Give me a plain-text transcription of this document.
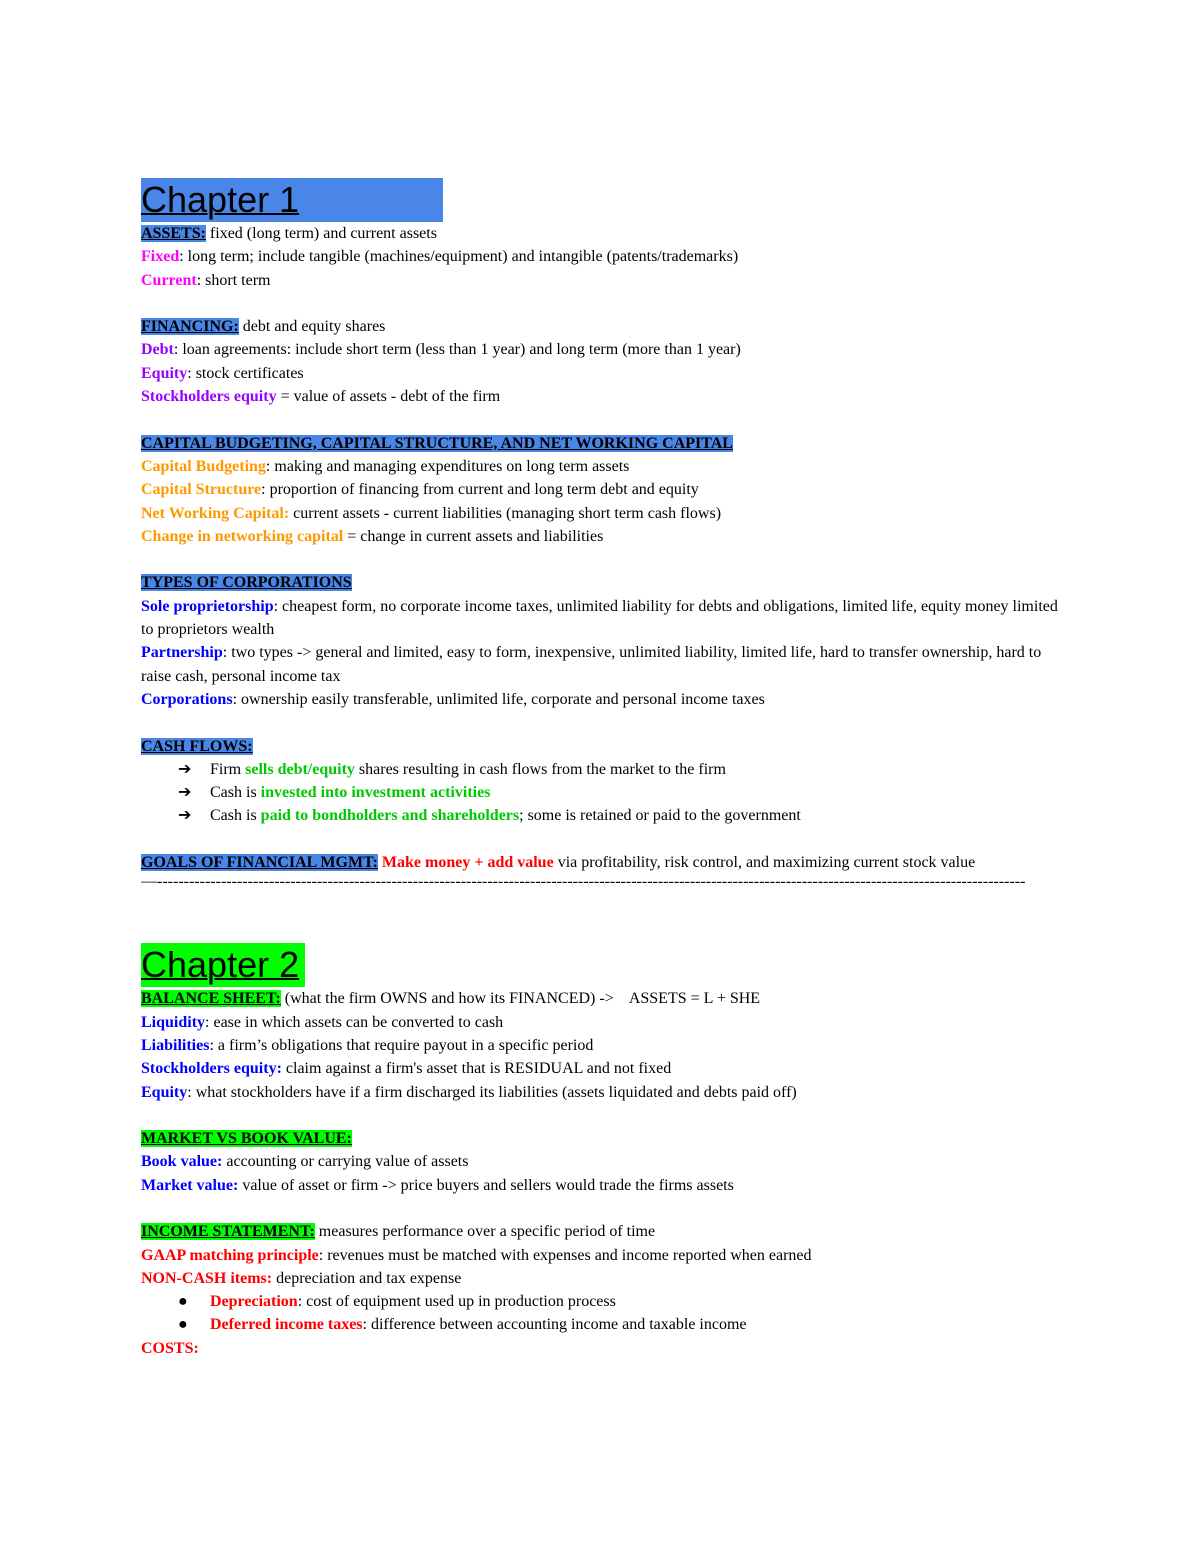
Chapter 1
ASSETS: fixed (long term) and current assets
Fixed: long term; include tangible (machines/equipment) and intangible (patents/trademarks)
Current: short term
FINANCING: debt and equity shares
Debt: loan agreements: include short term (less than 1 year) and long term (more than 1 year)
Equity: stock certificates
Stockholders equity = value of assets - debt of the firm
CAPITAL BUDGETING, CAPITAL STRUCTURE, AND NET WORKING CAPITAL
Capital Budgeting: making and managing expenditures on long term assets
Capital Structure: proportion of financing from current and long term debt and equity
Net Working Capital: current assets - current liabilities (managing short term cash flows)
Change in networking capital = change in current assets and liabilities
TYPES OF CORPORATIONS
Sole proprietorship: cheapest form, no corporate income taxes, unlimited liability for debts and obligations, limited life, equity money limited to proprietors wealth
Partnership: two types -> general and limited, easy to form, inexpensive, unlimited liability, limited life, hard to transfer ownership, hard to raise cash, personal income tax
Corporations: ownership easily transferable, unlimited life, corporate and personal income taxes
CASH FLOWS:
➔ Firm sells debt/equity shares resulting in cash flows from the market to the firm
➔ Cash is invested into investment activities
➔ Cash is paid to bondholders and shareholders; some is retained or paid to the government
GOALS OF FINANCIAL MGMT: Make money + add value via profitability, risk control, and maximizing current stock value
—-------------------------------------------------------------------------------------------------------------------------------------------------------------------
Chapter 2
BALANCE SHEET: (what the firm OWNS and how its FINANCED) ->    ASSETS = L + SHE
Liquidity: ease in which assets can be converted to cash
Liabilities: a firm’s obligations that require payout in a specific period
Stockholders equity: claim against a firm's asset that is RESIDUAL and not fixed
Equity: what stockholders have if a firm discharged its liabilities (assets liquidated and debts paid off)
MARKET VS BOOK VALUE:
Book value: accounting or carrying value of assets
Market value: value of asset or firm -> price buyers and sellers would trade the firms assets
INCOME STATEMENT: measures performance over a specific period of time
GAAP matching principle: revenues must be matched with expenses and income reported when earned
NON-CASH items: depreciation and tax expense
● Depreciation: cost of equipment used up in production process
● Deferred income taxes: difference between accounting income and taxable income
COSTS:
